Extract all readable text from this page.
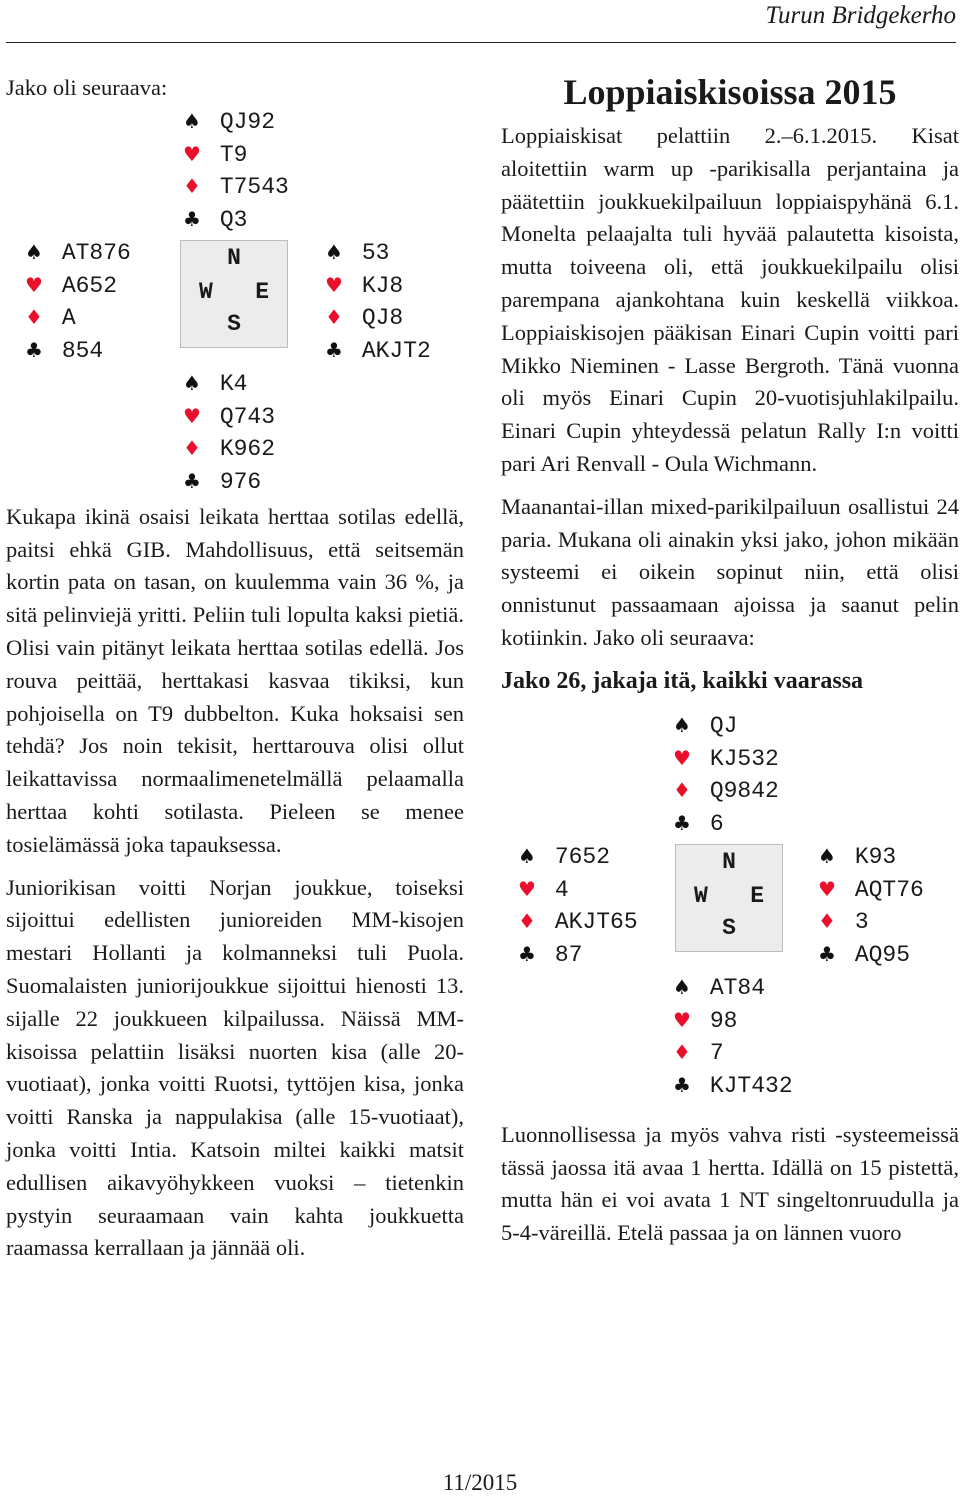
Turun Bridgekerho

Jako oli seuraava:

♠ QJ92
♥ T9
♦ T7543
♣ Q3
♠ AT876
♥ A652
♦ A
♣ 854
N
W E
S
♠ 53
♥ KJ8
♦ QJ8
♣ AKJT2
♠ K4
♥ Q743
♦ K962
♣ 976

Kukapa ikinä osaisi leikata herttaa sotilas edellä, paitsi ehkä GIB. Mahdollisuus, että seitsemän kortin pata on tasan, on kuulemma vain 36 %, ja sitä pelinviejä yritti. Peliin tuli lopulta kaksi pietiä. Olisi vain pitänyt leikata herttaa sotilas edellä. Jos rouva peittää, herttakasi kasvaa tikiksi, kun pohjoisella on T9 dubbelton. Kuka hoksaisi sen tehdä? Jos noin tekisit, herttarouva olisi ollut leikattavissa normaalimenetelmällä pelaamalla herttaa kohti sotilasta. Pieleen se menee tosielämässä joka tapauksessa.

Juniorikisan voitti Norjan joukkue, toiseksi sijoittui edellisten junioreiden MM-kisojen mestari Hollanti ja kolmanneksi tuli Puola. Suomalaisten juniorijoukkue sijoittui hienosti 13. sijalle 22 joukkueen kilpailussa. Näissä MM-kisoissa pelattiin lisäksi nuorten kisa (alle 20-vuotiaat), jonka voitti Ruotsi, tyttöjen kisa, jonka voitti Ranska ja nappulakisa (alle 15-vuotiaat), jonka voitti Intia. Katsoin miltei kaikki matsit edullisen aikavyöhykkeen vuoksi – tietenkin pystyin seuraamaan vain kahta joukkuetta raamassa kerrallaan ja jännää oli.

Loppiaiskisoissa 2015

Loppiaiskisat pelattiin 2.–6.1.2015. Kisat aloitettiin warm up -parikisalla perjantaina ja päätettiin joukkuekilpailuun loppiaispyhänä 6.1. Monelta pelaajalta tuli hyvää palautetta kisoista, mutta toiveena oli, että joukkuekilpailu olisi parempana ajankohtana kuin keskellä viikkoa. Loppiaiskisojen pääkisan Einari Cupin voitti pari Mikko Nieminen - Lasse Bergroth. Tänä vuonna oli myös Einari Cupin 20-vuotisjuhlakilpailu. Einari Cupin yhteydessä pelatun Rally I:n voitti pari Ari Renvall - Oula Wichmann.

Maanantai-illan mixed-parikilpailuun osallistui 24 paria. Mukana oli ainakin yksi jako, johon mikään systeemi ei oikein sopinut niin, että olisi onnistunut passaamaan ajoissa ja saanut pelin kotiinkin. Jako oli seuraava:

Jako 26, jakaja itä, kaikki vaarassa
♠ QJ
♥ KJ532
♦ Q9842
♣ 6
♠ 7652
♥ 4
♦ AKJT65
♣ 87
N
W E
S
♠ K93
♥ AQT76
♦ 3
♣ AQ95
♠ AT84
♥ 98
♦ 7
♣ KJT432

Luonnollisessa ja myös vahva risti -systeemeissä tässä jaossa itä avaa 1 hertta. Idällä on 15 pistettä, mutta hän ei voi avata 1 NT singeltonruudulla ja 5-4-väreillä. Etelä passaa ja on lännen vuoro

11/2015
